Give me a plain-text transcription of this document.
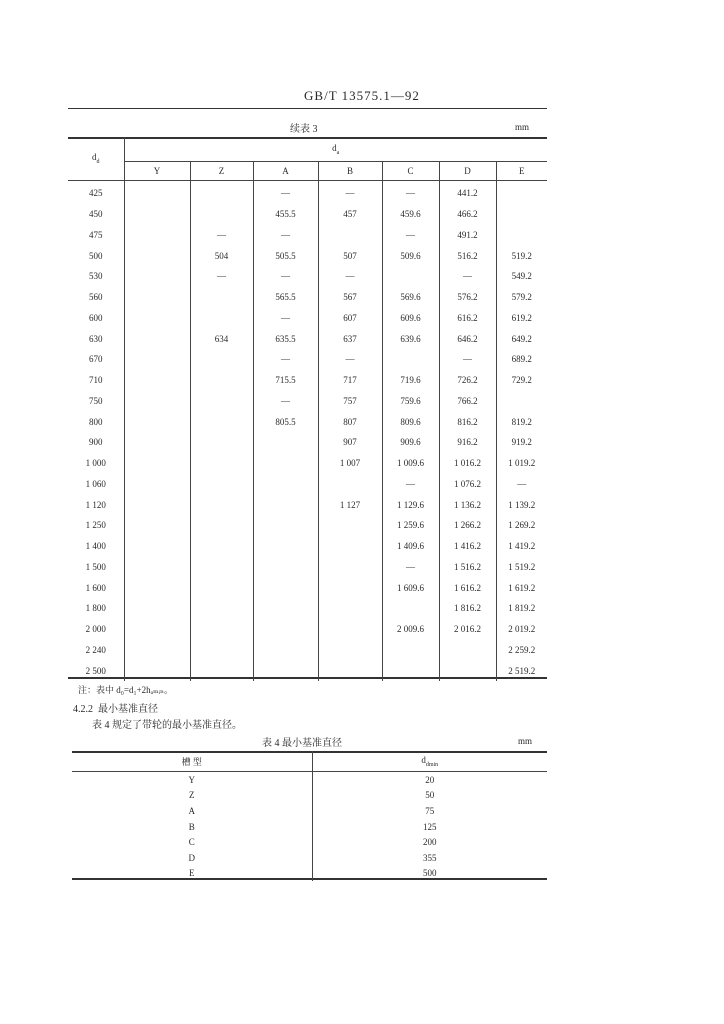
GB/T 13575.1—92
续表 3	mm
$d_d$	$d_a$
	Y	Z	A	B	C	D	E
425			—	—	—	441.2	
450			455.5	457	459.6	466.2	
475		—	—		—	491.2	
500		504	505.5	507	509.6	516.2	519.2
530		—	—	—		—	549.2
560			565.5	567	569.6	576.2	579.2
600			—	607	609.6	616.2	619.2
630		634	635.5	637	639.6	646.2	649.2
670			—	—		—	689.2
710			715.5	717	719.6	726.2	729.2
750			—	757	759.6	766.2	
800			805.5	807	809.6	816.2	819.2
900				907	909.6	916.2	919.2
1 000				1 007	1 009.6	1 016.2	1 019.2
1 060					—	1 076.2	—
1 120				1 127	1 129.6	1 136.2	1 139.2
1 250					1 259.6	1 266.2	1 269.2
1 400					1 409.6	1 416.2	1 419.2
1 500					—	1 516.2	1 519.2
1 600					1 609.6	1 616.2	1 619.2
1 800						1 816.2	1 819.2
2 000					2 009.6	2 016.2	2 019.2
2 240							2 259.2
2 500							2 519.2
注：表中 d₀=d₁+2hₐₘᵢₙ。
4.2.2 最小基准直径
表 4 规定了带轮的最小基准直径。
表 4 最小基准直径	mm
槽 型	$d_{dmin}$
Y	20
Z	50
A	75
B	125
C	200
D	355
E	500
